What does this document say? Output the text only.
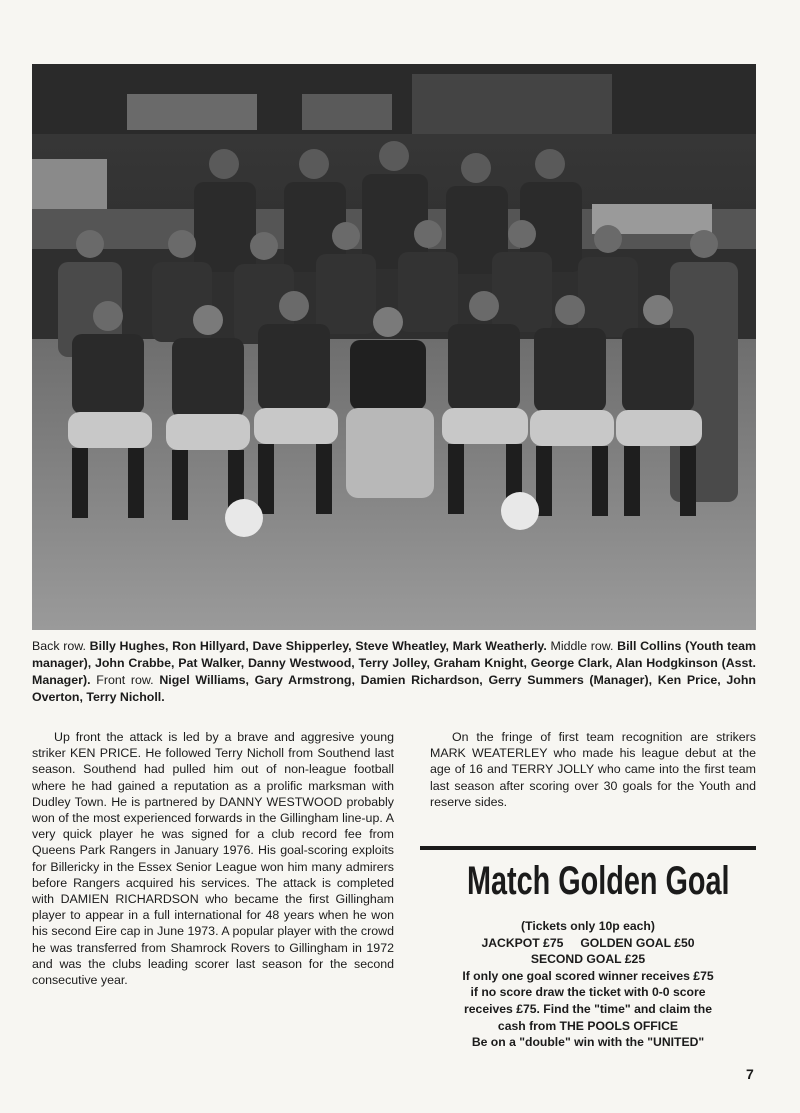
Back row. Billy Hughes, Ron Hillyard, Dave Shipperley, Steve Wheatley, Mark Weatherly. Middle row. Bill Collins (Youth team manager), John Crabbe, Pat Walker, Danny Westwood, Terry Jolley, Graham Knight, George Clark, Alan Hodgkinson (Asst. Manager). Front row. Nigel Williams, Gary Armstrong, Damien Richardson, Gerry Summers (Manager), Ken Price, John Overton, Terry Nicholl.

Up front the attack is led by a brave and aggresive young striker KEN PRICE. He followed Terry Nicholl from Southend last season. Southend had pulled him out of non-league football where he had gained a reputation as a prolific marksman with Dudley Town. He is partnered by DANNY WESTWOOD probably won of the most experienced forwards in the Gillingham line-up. A very quick player he was signed for a club record fee from Queens Park Rangers in January 1976. His goal-scoring exploits for Billericky in the Essex Senior League won him many admirers before Rangers acquired his services. The attack is completed with DAMIEN RICHARDSON who became the first Gillingham player to appear in a full international for 48 years when he won his second Eire cap in June 1973. A popular player with the crowd he was transferred from Shamrock Rovers to Gillingham in 1972 and was the clubs leading scorer last season for the second consecutive year.

On the fringe of first team recognition are strikers MARK WEATERLEY who made his league debut at the age of 16 and TERRY JOLLY who came into the first team last season after scoring over 30 goals for the Youth and reserve sides.

Match Golden Goal
(Tickets only 10p each)
JACKPOT £75     GOLDEN GOAL £50
SECOND GOAL £25
If only one goal scored winner receives £75
if no score draw the ticket with 0-0 score
receives £75. Find the "time" and claim the
cash from THE POOLS OFFICE
Be on a "double" win with the "UNITED"
7
